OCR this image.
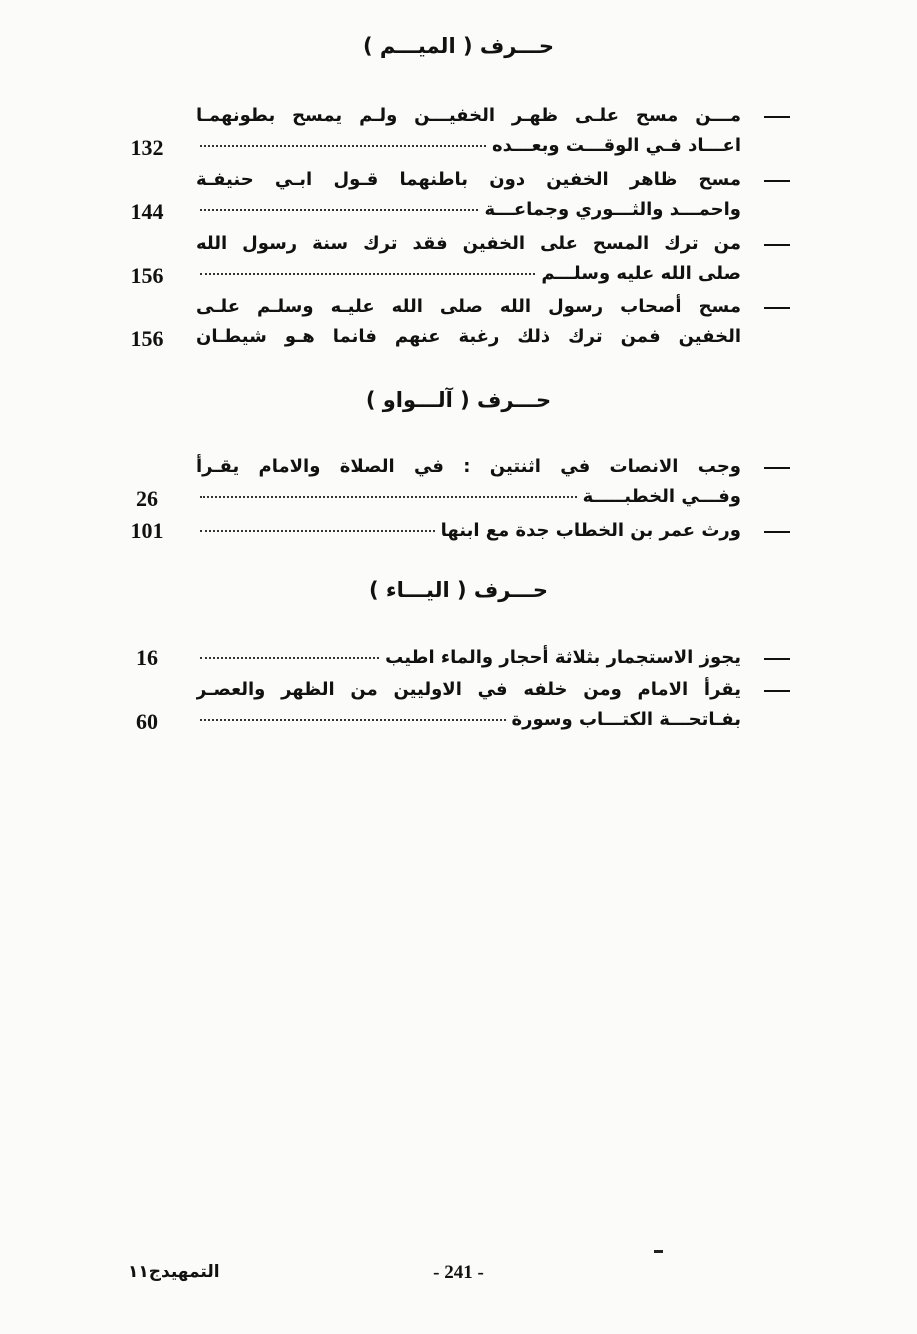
حـــرف ( الميـــم )
مـــن مسح علـى ظهـر الخفيـــن ولـم يمسح بطونهمـا
اعـــاد فـي الوقـــت وبعـــده
132
مسح ظاهر الخفين دون باطنهما قـول ابـي حنيفـة
واحمـــد والثـــوري وجماعـــة
144
من ترك المسح على الخفين فقد ترك سنة رسول الله
صلى الله عليه وسلـــم
156
مسح أصحاب رسول الله صلى الله عليـه وسلـم علـى
الخفين فمن ترك ذلك رغبة عنهم فانما هـو شيطـان
156
حـــرف ( آلـــواو )
وجب الانصات في اثنتين : في الصلاة والامام يقـرأ
وفـــي الخطبـــــة
26
ورث عمر بن الخطاب جدة مع ابنها
101
حـــرف ( اليـــاء )
يجوز الاستجمار بثلاثة أحجار والماء اطيب
16
يقرأ الامام ومن خلفه في الاوليين من الظهر والعصـر
بفـاتحـــة الكتـــاب وسورة
60
التمهيدج١١	- 241 -
